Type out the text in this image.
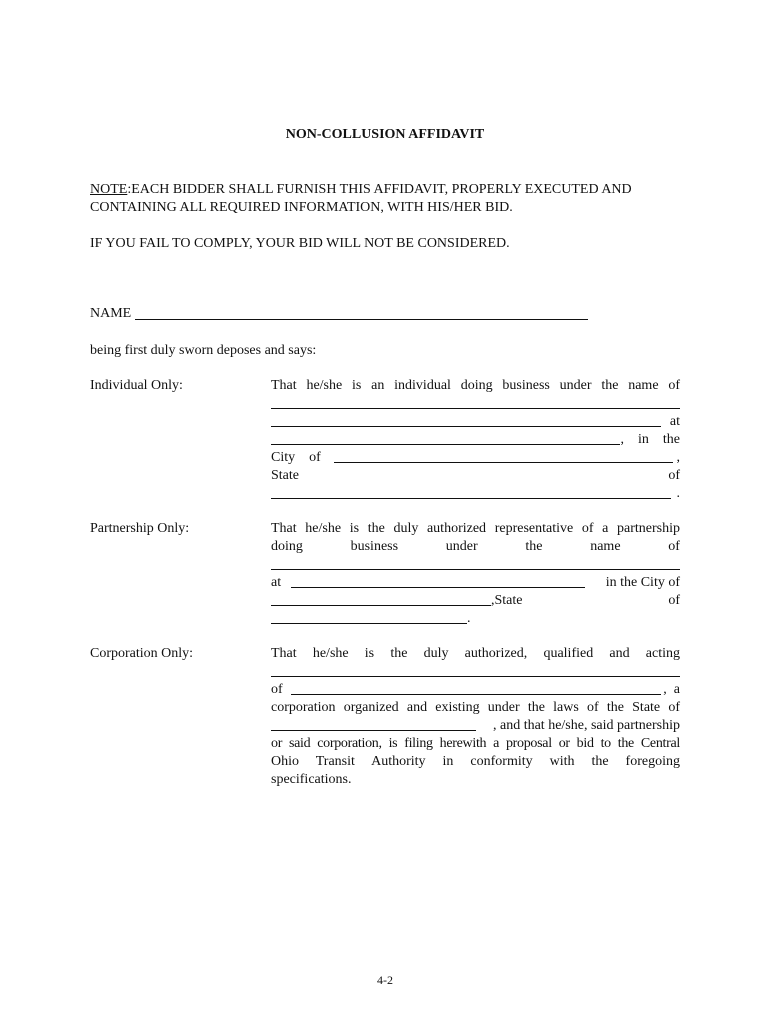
NON-COLLUSION AFFIDAVIT
NOTE:EACH BIDDER SHALL FURNISH THIS AFFIDAVIT, PROPERLY EXECUTED AND
CONTAINING ALL REQUIRED INFORMATION, WITH HIS/HER BID.
IF YOU FAIL TO COMPLY, YOUR BID WILL NOT BE CONSIDERED.
NAME
being first duly sworn deposes and says:
Individual Only:	That he/she is an individual doing business under the name of
at
,    in    the
City    of	,
State	of
.
Partnership Only:	That he/she is the duly authorized representative of a partnership
doing	business	under	the	name	of
at	in the City of
,State	of
.
Corporation Only:	That he/she is the duly authorized, qualified and acting
of	,  a
corporation organized and existing under the laws of the State of
, and that he/she, said partnership
or said corporation, is filing herewith a proposal or bid to the Central
Ohio Transit Authority in conformity with the foregoing
specifications.
4-2
